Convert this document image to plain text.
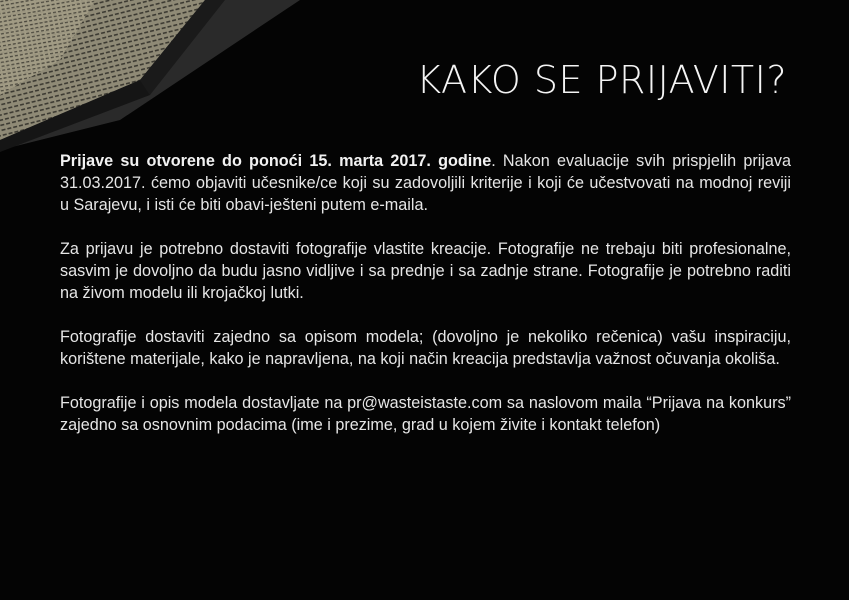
KAKO SE PRIJAVITI?

Prijave su otvorene do ponoći 15. marta 2017. godine. Nakon evaluacije svih prispjelih prijava 31.03.2017. ćemo objaviti učesnike/ce koji su zadovoljili kriterije i koji će učestvovati na modnoj reviji u Sarajevu, i isti će biti obavi-ješteni putem e-maila.

Za prijavu je potrebno dostaviti fotografije vlastite kreacije. Fotografije ne trebaju biti profesionalne, sasvim je dovoljno da budu jasno vidljive i sa prednje i sa zadnje strane. Fotografije je potrebno raditi na živom modelu ili krojačkoj lutki.

Fotografije dostaviti zajedno sa opisom modela; (dovoljno je nekoliko rečenica) vašu inspiraciju, korištene materijale, kako je napravljena, na koji način kreacija predstavlja važnost očuvanja okoliša.

Fotografije i opis modela dostavljate na pr@wasteistaste.com sa naslovom maila “Prijava na konkurs” zajedno sa osnovnim podacima (ime i prezime, grad u kojem živite i kontakt telefon)
